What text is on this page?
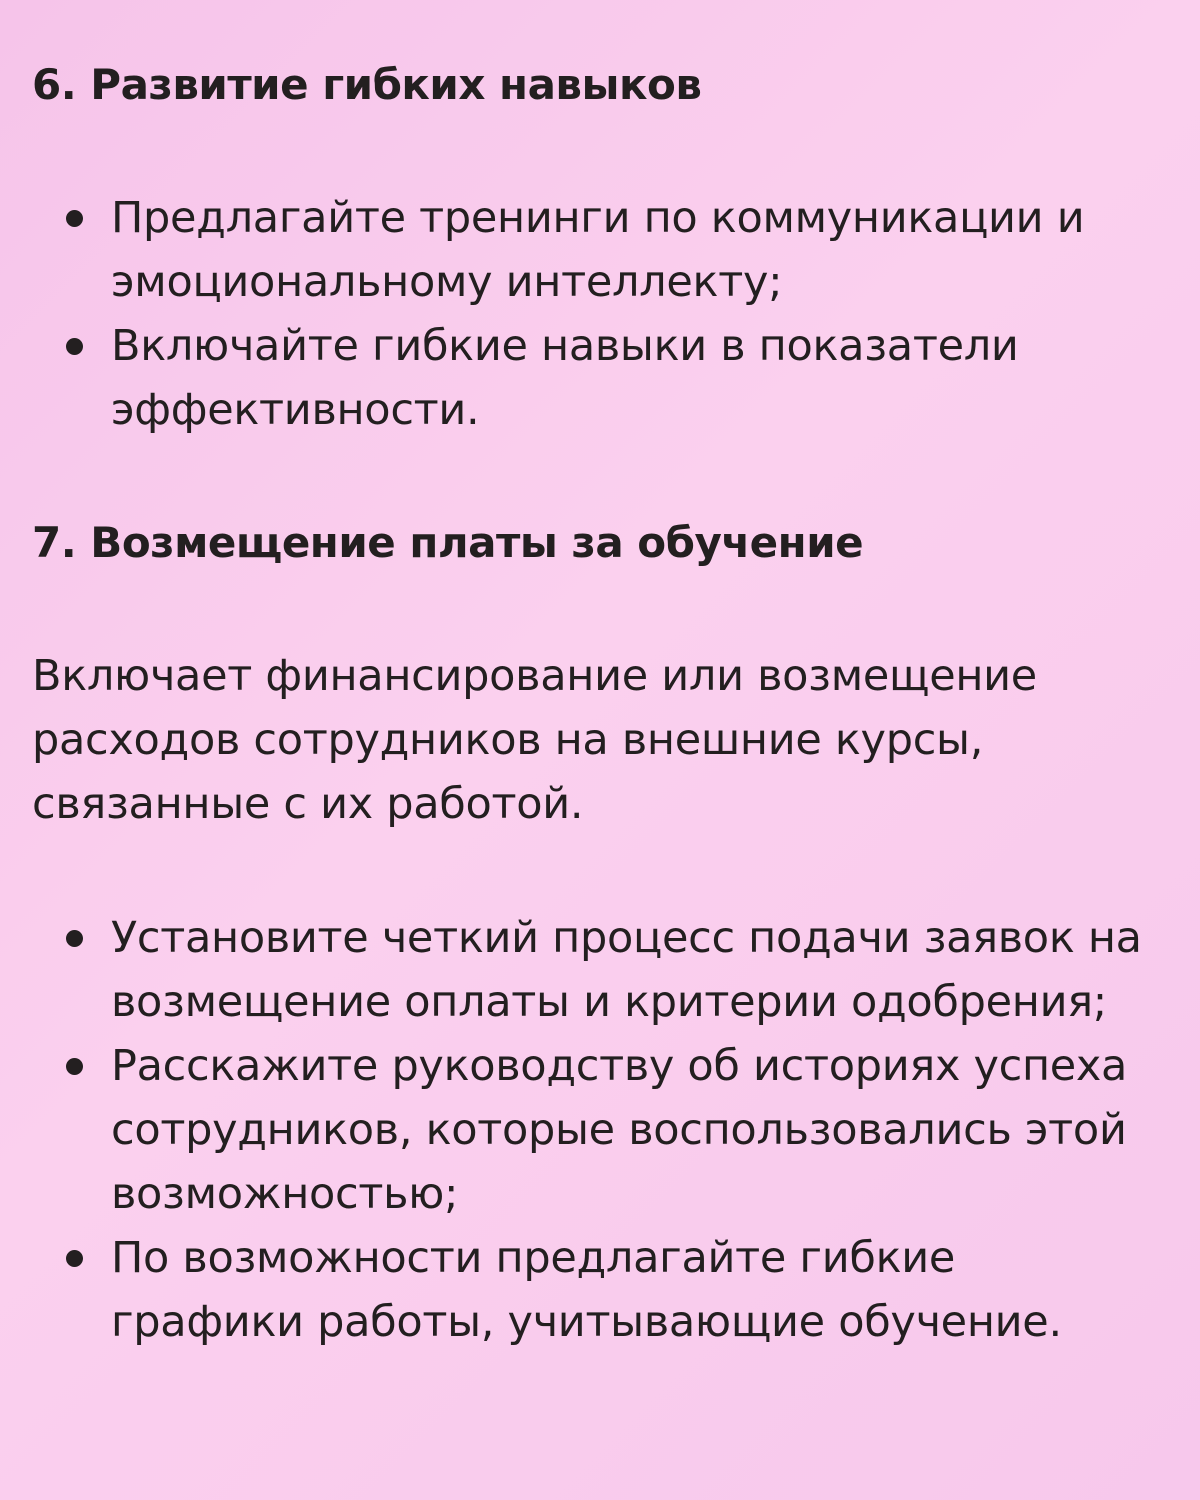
6. Развитие гибких навыков
Предлагайте тренинги по коммуникации и
эмоциональному интеллекту;
Включайте гибкие навыки в показатели
эффективности.
7. Возмещение платы за обучение
Включает финансирование или возмещение
расходов сотрудников на внешние курсы,
связанные с их работой.
Установите четкий процесс подачи заявок на
возмещение оплаты и критерии одобрения;
Расскажите руководству об историях успеха
сотрудников, которые воспользовались этой
возможностью;
По возможности предлагайте гибкие
графики работы, учитывающие обучение.
